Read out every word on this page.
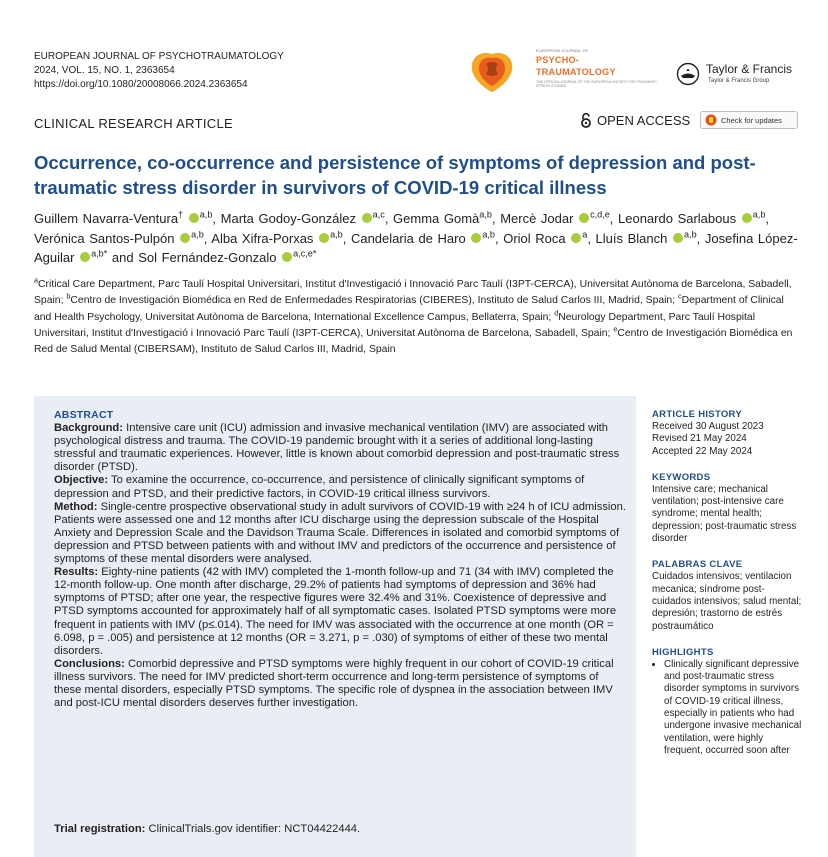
EUROPEAN JOURNAL OF PSYCHOTRAUMATOLOGY
2024, VOL. 15, NO. 1, 2363654
https://doi.org/10.1080/20008066.2024.2363654
EUROPEAN JOURNAL OF
PSYCHO-
TRAUMATOLOGY
THE OFFICIAL JOURNAL OF THE EUROPEAN SOCIETY FOR TRAUMATIC STRESS STUDIES
Taylor & Francis
Taylor & Francis Group
CLINICAL RESEARCH ARTICLE	OPEN ACCESS	Check for updates
Occurrence, co-occurrence and persistence of symptoms of depression and post-traumatic stress disorder in survivors of COVID-19 critical illness
Guillem Navarra-Ventura† $^{a,b}$, Marta Godoy-González $^{a,c}$, Gemma Gomà$^{a,b}$, Mercè Jodar $^{c,d,e}$, Leonardo Sarlabous $^{a,b}$, Verónica Santos-Pulpón $^{a,b}$, Alba Xifra-Porxas $^{a,b}$, Candelaria de Haro $^{a,b}$, Oriol Roca $^a$, Lluís Blanch $^{a,b}$, Josefina López-Aguilar $^{a,b*}$ and Sol Fernández-Gonzalo $^{a,c,e*}$

$^a$Critical Care Department, Parc Taulí Hospital Universitari, Institut d'Investigació i Innovació Parc Taulí (I3PT-CERCA), Universitat Autònoma de Barcelona, Sabadell, Spain; $^b$Centro de Investigación Biomédica en Red de Enfermedades Respiratorias (CIBERES), Instituto de Salud Carlos III, Madrid, Spain; $^c$Department of Clinical and Health Psychology, Universitat Autònoma de Barcelona, International Excellence Campus, Bellaterra, Spain; $^d$Neurology Department, Parc Taulí Hospital Universitari, Institut d'Investigació i Innovació Parc Taulí (I3PT-CERCA), Universitat Autònoma de Barcelona, Sabadell, Spain; $^e$Centro de Investigación Biomédica en Red de Salud Mental (CIBERSAM), Instituto de Salud Carlos III, Madrid, Spain

ABSTRACT

Background: Intensive care unit (ICU) admission and invasive mechanical ventilation (IMV) are associated with psychological distress and trauma. The COVID-19 pandemic brought with it a series of additional long-lasting stressful and traumatic experiences. However, little is known about comorbid depression and post-traumatic stress disorder (PTSD).

Objective: To examine the occurrence, co-occurrence, and persistence of clinically significant symptoms of depression and PTSD, and their predictive factors, in COVID-19 critical illness survivors.

Method: Single-centre prospective observational study in adult survivors of COVID-19 with ≥24 h of ICU admission. Patients were assessed one and 12 months after ICU discharge using the depression subscale of the Hospital Anxiety and Depression Scale and the Davidson Trauma Scale. Differences in isolated and comorbid symptoms of depression and PTSD between patients with and without IMV and predictors of the occurrence and persistence of symptoms of these mental disorders were analysed.

Results: Eighty-nine patients (42 with IMV) completed the 1-month follow-up and 71 (34 with IMV) completed the 12-month follow-up. One month after discharge, 29.2% of patients had symptoms of depression and 36% had symptoms of PTSD; after one year, the respective figures were 32.4% and 31%. Coexistence of depressive and PTSD symptoms accounted for approximately half of all symptomatic cases. Isolated PTSD symptoms were more frequent in patients with IMV (p≤.014). The need for IMV was associated with the occurrence at one month (OR = 6.098, p = .005) and persistence at 12 months (OR = 3.271, p = .030) of symptoms of either of these two mental disorders.

Conclusions: Comorbid depressive and PTSD symptoms were highly frequent in our cohort of COVID-19 critical illness survivors. The need for IMV predicted short-term occurrence and long-term persistence of symptoms of these mental disorders, especially PTSD symptoms. The specific role of dyspnea in the association between IMV and post-ICU mental disorders deserves further investigation.

Trial registration: ClinicalTrials.gov identifier: NCT04422444.

ARTICLE HISTORY
Received 30 August 2023
Revised 21 May 2024
Accepted 22 May 2024
KEYWORDS

Intensive care; mechanical ventilation; post-intensive care syndrome; mental health; depression; post-traumatic stress disorder

PALABRAS CLAVE

Cuidados intensivos; ventilacion mecanica; síndrome post-cuidados intensivos; salud mental; depresión; trastorno de estrés postraumático

HIGHLIGHTS
• Clinically significant depressive and post-traumatic stress disorder symptoms in survivors of COVID-19 critical illness, especially in patients who had undergone invasive mechanical ventilation, were highly frequent, occurred soon after
